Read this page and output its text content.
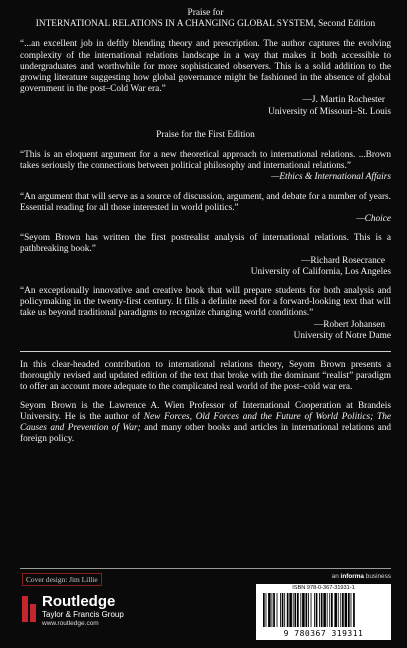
Praise for

INTERNATIONAL RELATIONS IN A CHANGING GLOBAL SYSTEM, Second Edition

“...an excellent job in deftly blending theory and prescription. The author captures the evolving complexity of the international relations landscape in a way that makes it both accessible to undergraduates and worthwhile for more sophisticated observers. This is a solid addition to the growing literature suggesting how global governance might be fashioned in the absence of global government in the post–Cold War era.”

—J. Martin Rochester

University of Missouri–St. Louis

Praise for the First Edition

“This is an eloquent argument for a new theoretical approach to international relations. ...Brown takes seriously the connections between political philosophy and international relations.”

—Ethics & International Affairs

“An argument that will serve as a source of discussion, argument, and debate for a number of years. Essential reading for all those interested in world politics.”

—Choice

“Seyom Brown has written the first postrealist analysis of international relations. This is a pathbreaking book.”

—Richard Rosecrance

University of California, Los Angeles

“An exceptionally innovative and creative book that will prepare students for both analysis and policymaking in the twenty-first century. It fills a definite need for a forward-looking text that will take us beyond traditional paradigms to recognize changing world conditions.”

—Robert Johansen

University of Notre Dame

In this clear-headed contribution to international relations theory, Seyom Brown presents a thoroughly revised and updated edition of the text that broke with the dominant “realist” paradigm to offer an account more adequate to the complicated real world of the post–cold war era.

Seyom Brown is the Lawrence A. Wien Professor of International Cooperation at Brandeis University. He is the author of New Forces, Old Forces and the Future of World Politics; The Causes and Prevention of War; and many other books and articles in international relations and foreign policy.

Cover design: Jim Lillie	an informa business
Routledge
Taylor & Francis Group
www.routledge.com
ISBN 978-0-367-31931-1
9 780367 319311
